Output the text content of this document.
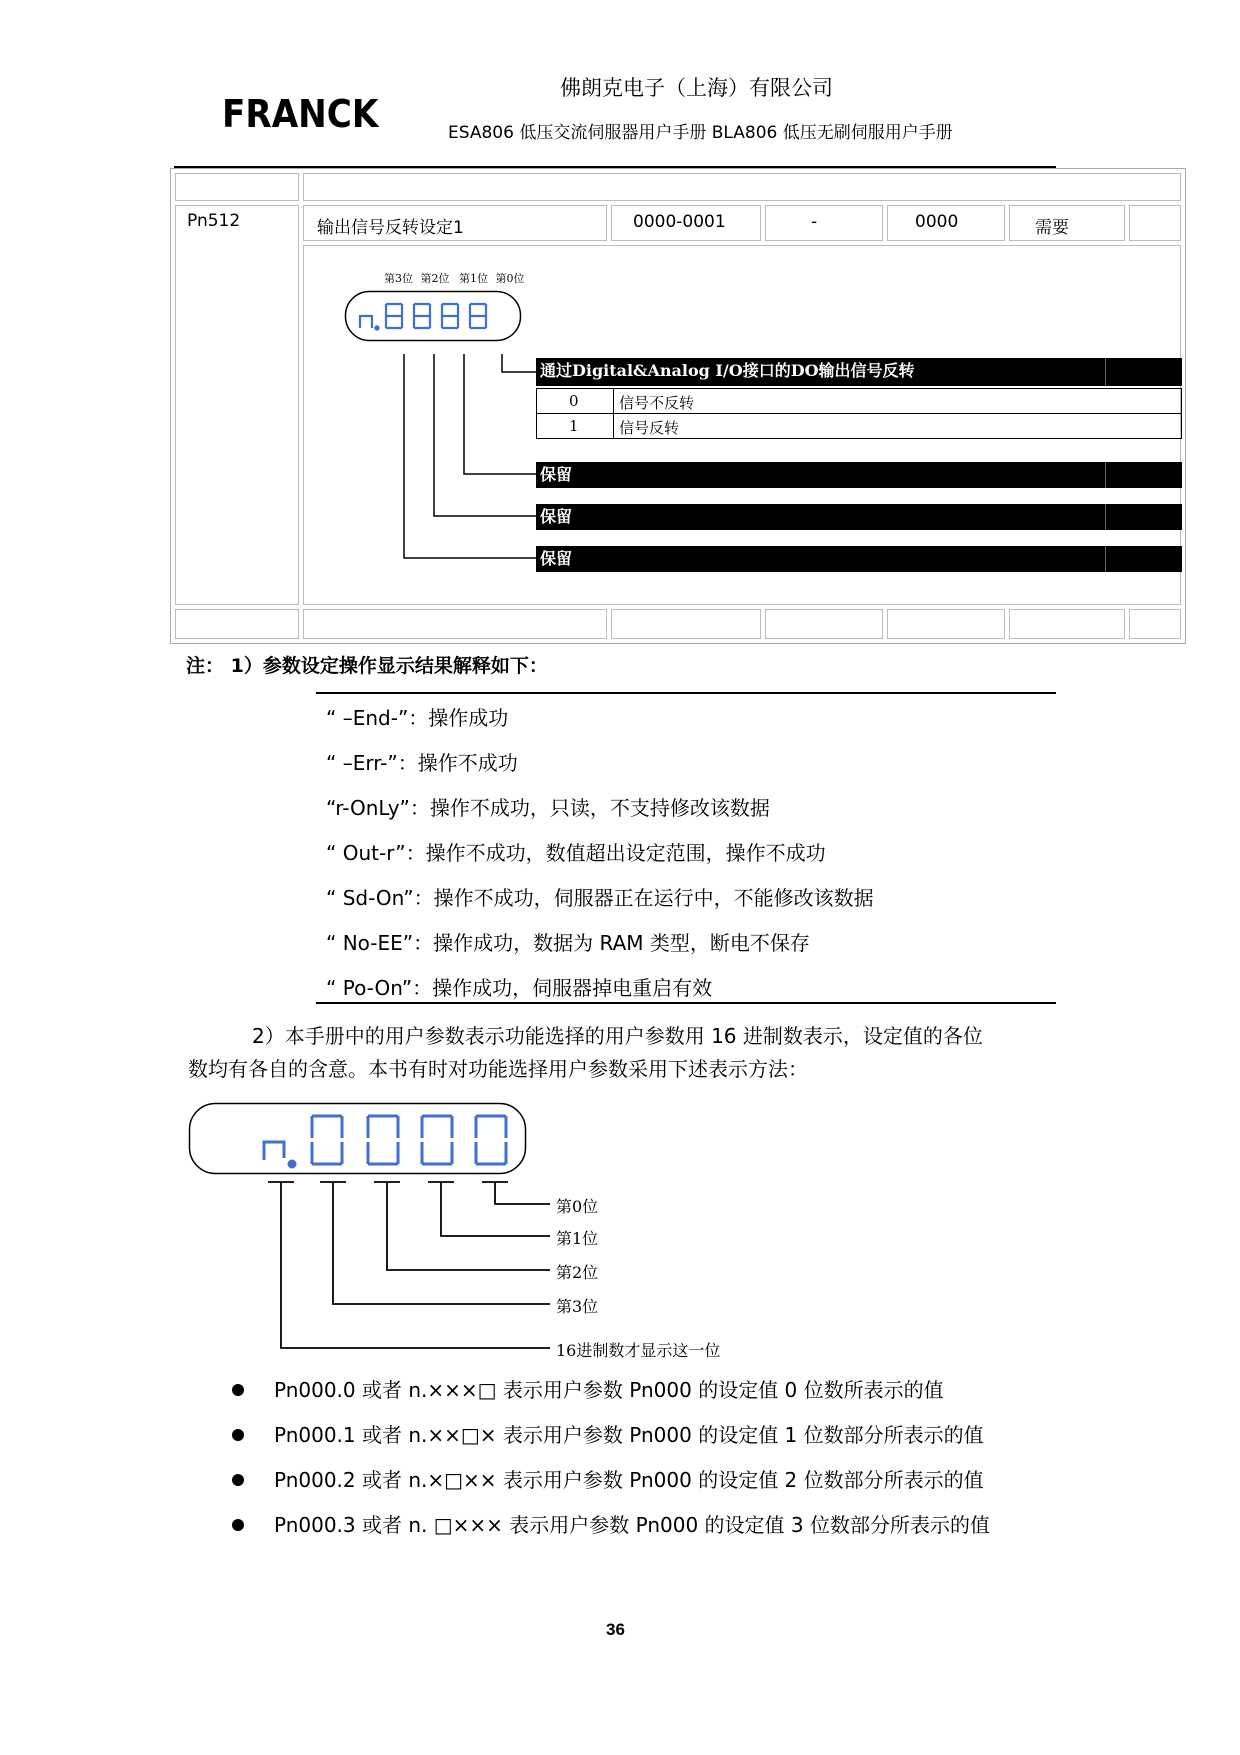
FRANCK
佛朗克电子（上海）有限公司
ESA806 低压交流伺服器用户手册 BLA806 低压无刷伺服用户手册
Pn512	输出信号反转设定1	0000-0001	-	0000	需要
第3位 第2位 第1位 第0位
通过Digital&Analog I/O接口的DO输出信号反转
0	信号不反转
1	信号反转
保留
保留
保留
注： 1）参数设定操作显示结果解释如下：
“ –End-”：操作成功
“ –Err-”：操作不成功
“r-OnLy”：操作不成功，只读，不支持修改该数据
“ Out-r”：操作不成功，数值超出设定范围，操作不成功
“ Sd-On”：操作不成功，伺服器正在运行中，不能修改该数据
“ No-EE”：操作成功，数据为 RAM 类型，断电不保存
“ Po-On”：操作成功，伺服器掉电重启有效
2）本手册中的用户参数表示功能选择的用户参数用 16 进制数表示，设定值的各位
数均有各自的含意。本书有时对功能选择用户参数采用下述表示方法：
第0位
第1位
第2位
第3位
16进制数才显示这一位
Pn000.0 或者 n.×××□ 表示用户参数 Pn000 的设定值 0 位数所表示的值
Pn000.1 或者 n.××□× 表示用户参数 Pn000 的设定值 1 位数部分所表示的值
Pn000.2 或者 n.×□×× 表示用户参数 Pn000 的设定值 2 位数部分所表示的值
Pn000.3 或者 n. □××× 表示用户参数 Pn000 的设定值 3 位数部分所表示的值
36
